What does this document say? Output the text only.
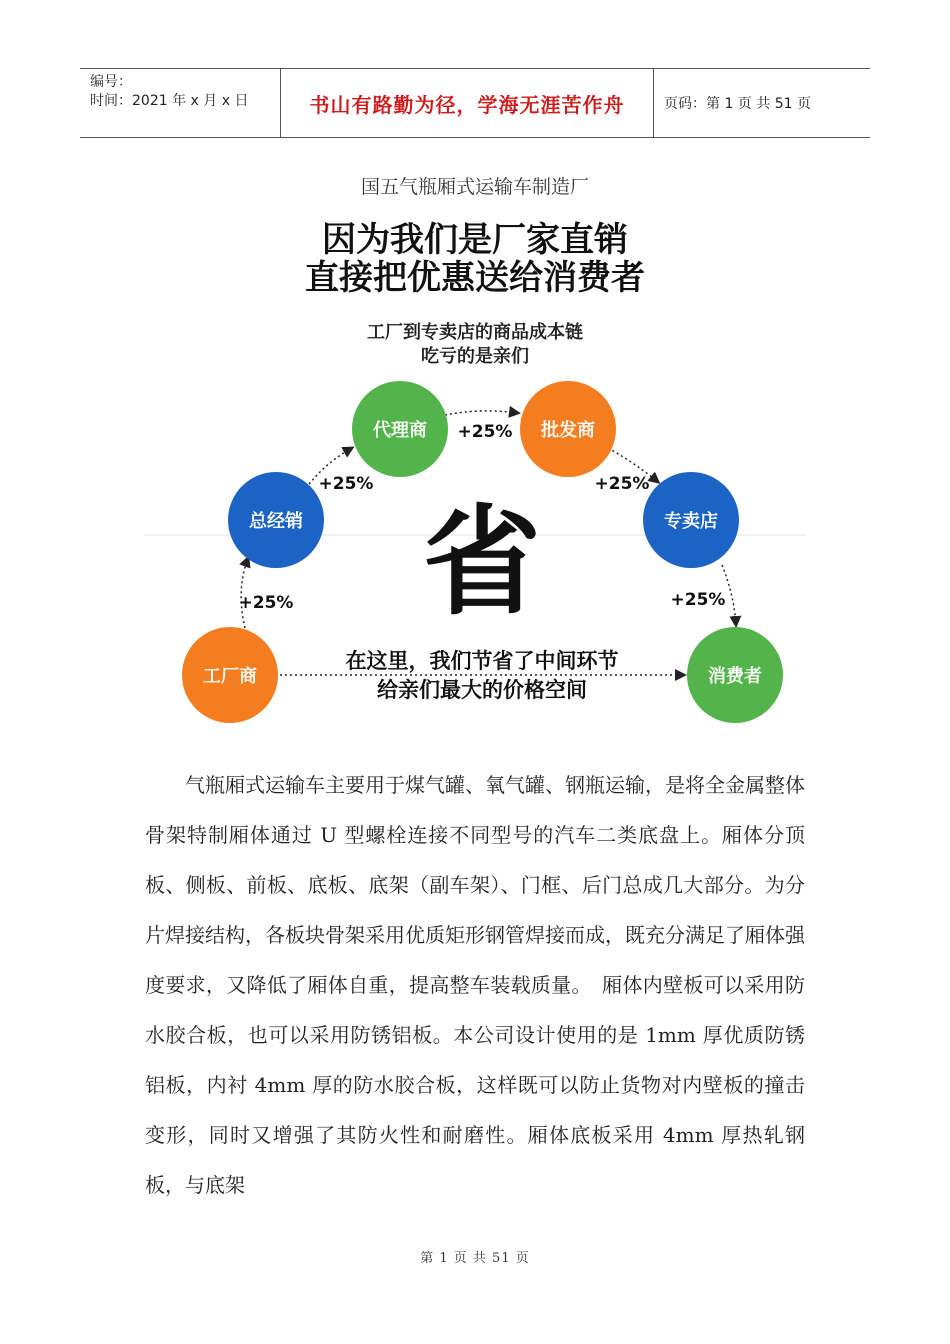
编号：
时间：2021 年 x 月 x 日	书山有路勤为径，学海无涯苦作舟	页码：第 1 页 共 51 页
国五气瓶厢式运输车制造厂
因为我们是厂家直销
直接把优惠送给消费者
工厂到专卖店的商品成本链
吃亏的是亲们
+25%
+25%
+25%
+25%
+25%
省
工厂商
总经销
代理商	批发商
专卖店
消费者
在这里，我们节省了中间环节
给亲们最大的价格空间

气瓶厢式运输车主要用于煤气罐、氧气罐、钢瓶运输，是将全金属整体骨架特制厢体通过 U 型螺栓连接不同型号的汽车二类底盘上。厢体分顶板、侧板、前板、底板、底架（副车架）、门框、后门总成几大部分。为分片焊接结构，各板块骨架采用优质矩形钢管焊接而成，既充分满足了厢体强度要求，又降低了厢体自重，提高整车装载质量。　厢体内壁板可以采用防水胶合板，也可以采用防锈铝板。本公司设计使用的是 1mm 厚优质防锈铝板，内衬 4mm 厚的防水胶合板，这样既可以防止货物对内壁板的撞击变形，同时又增强了其防火性和耐磨性。厢体底板采用 4mm 厚热轧钢板，与底架

第 1 页 共 51 页
